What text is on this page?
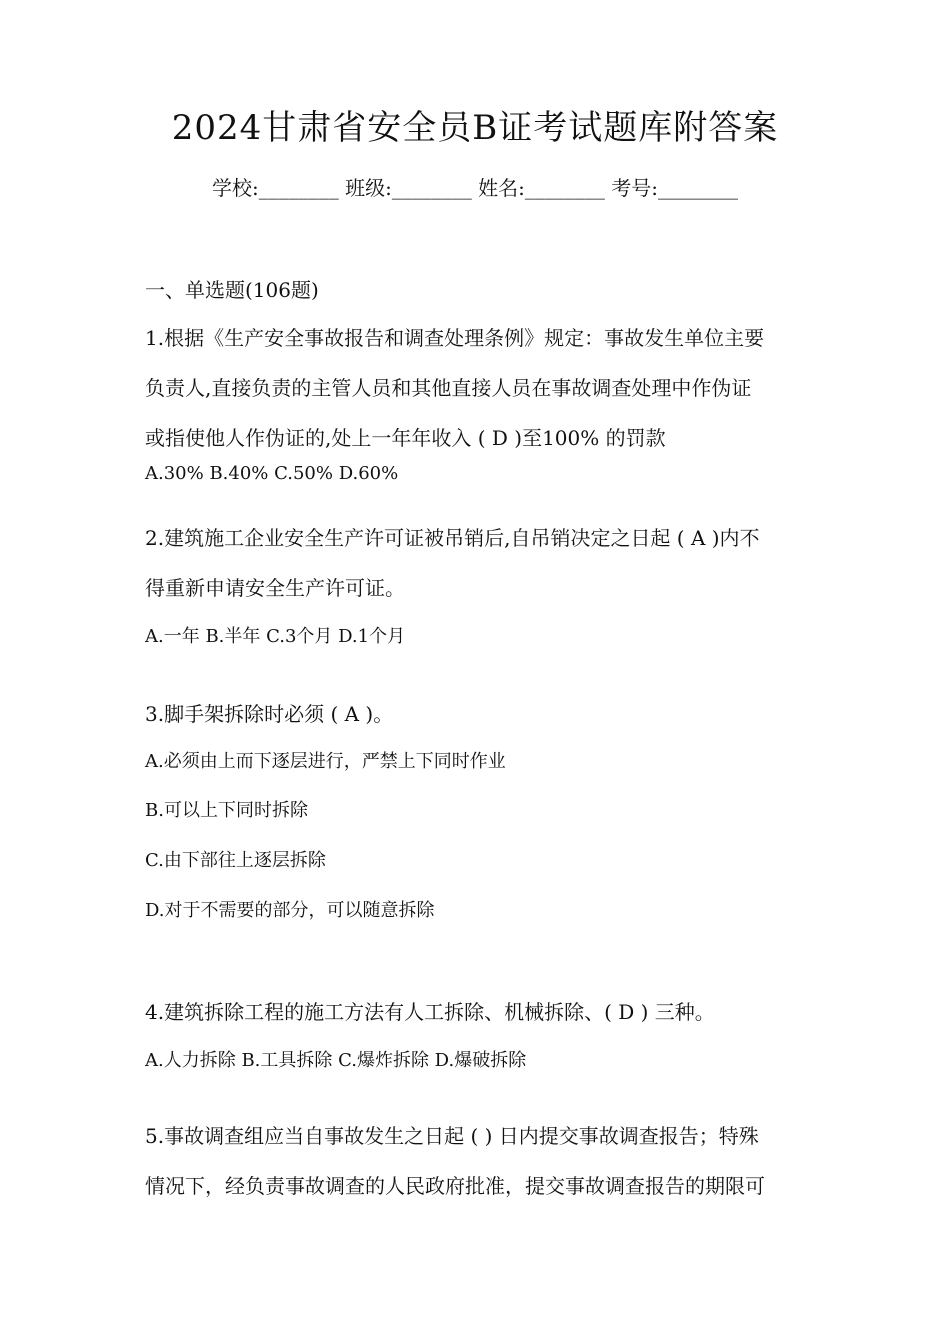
2024甘肃省安全员B证考试题库附答案
学校:________ 班级:________ 姓名:________ 考号:________
一、单选题(106题)
1.根据《生产安全事故报告和调查处理条例》规定：事故发生单位主要
负责人,直接负责的主管人员和其他直接人员在事故调查处理中作伪证
或指使他人作伪证的,处上一年年收入 ( D )至100% 的罚款
A.30% B.40% C.50% D.60%
2.建筑施工企业安全生产许可证被吊销后,自吊销决定之日起 ( A )内不
得重新申请安全生产许可证。
A.一年 B.半年 C.3个月 D.1个月
3.脚手架拆除时必须 ( A )。
A.必须由上而下逐层进行，严禁上下同时作业
B.可以上下同时拆除
C.由下部往上逐层拆除
D.对于不需要的部分，可以随意拆除
4.建筑拆除工程的施工方法有人工拆除、机械拆除、( D ) 三种。
A.人力拆除 B.工具拆除 C.爆炸拆除 D.爆破拆除
5.事故调查组应当自事故发生之日起 ( ) 日内提交事故调查报告；特殊
情况下，经负责事故调查的人民政府批准，提交事故调查报告的期限可
